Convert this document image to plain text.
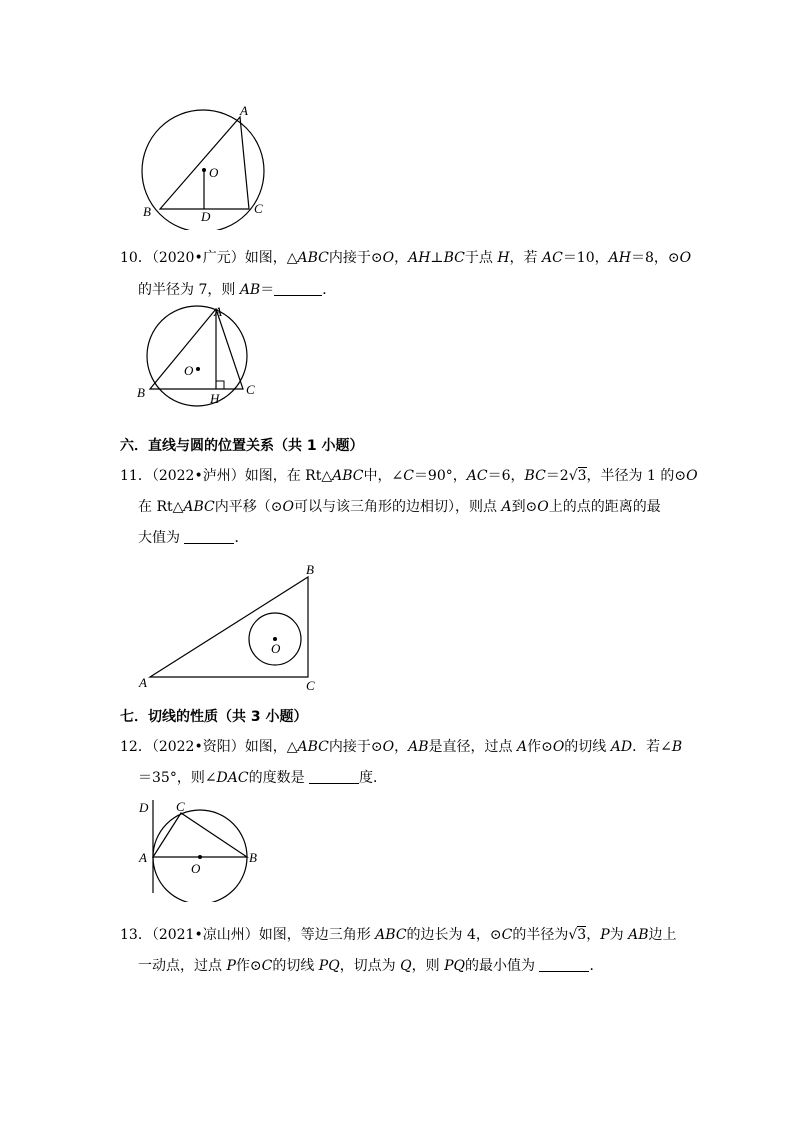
A
B	C
D
O
10．（2020•广元）如图，△ABC内接于⊙O，AH⊥BC于点 H，若 AC＝10，AH＝8，⊙O
的半径为 7，则 AB＝	．
A
B	C
H
O
六．直线与圆的位置关系（共 1 小题）
11．（2022•泸州）如图，在 Rt△ABC中，∠C＝90°，AC＝6，BC＝2√3，半径为 1 的⊙O
在 Rt△ABC内平移（⊙O可以与该三角形的边相切），则点 A到⊙O上的点的距离的最
大值为	．
A
B
C
O
七．切线的性质（共 3 小题）
12．（2022•资阳）如图，△ABC内接于⊙O，AB是直径，过点 A作⊙O的切线 AD．若∠B
＝35°，则∠DAC的度数是	度．
A	B
C
D
O
13．（2021•凉山州）如图，等边三角形 ABC的边长为 4，⊙C的半径为√3，P为 AB边上
一动点，过点 P作⊙C的切线 PQ，切点为 Q，则 PQ的最小值为	．
